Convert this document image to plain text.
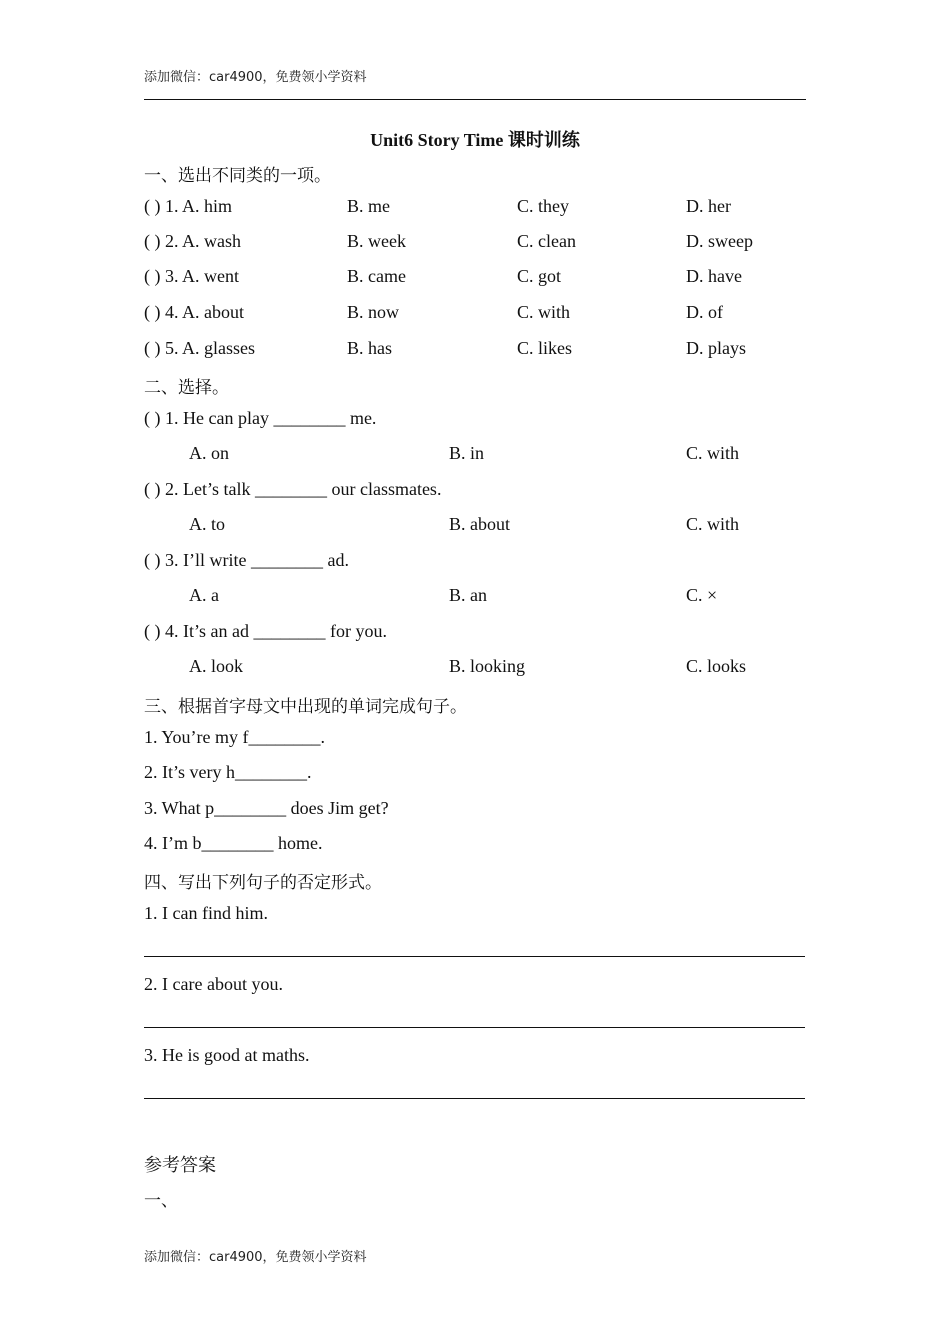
添加微信：car4900，免费领小学资料
Unit6 Story Time 课时训练
一、选出不同类的一项。
( ) 1. A. him	B. me	C. they	D. her
( ) 2. A. wash	B. week	C. clean	D. sweep
( ) 3. A. went	B. came	C. got	D. have
( ) 4. A. about	B. now	C. with	D. of
( ) 5. A. glasses	B. has	C. likes	D. plays
二、选择。
( ) 1. He can play ________ me.
A. on	B. in	C. with
( ) 2. Let’s talk ________ our classmates.
A. to	B. about	C. with
( ) 3. I’ll write ________ ad.
A. a	B. an	C. ×
( ) 4. It’s an ad ________ for you.
A. look	B. looking	C. looks
三、根据首字母文中出现的单词完成句子。
1. You’re my f________.
2. It’s very h________.
3. What p________ does Jim get?
4. I’m b________ home.
四、写出下列句子的否定形式。
1. I can find him.
2. I care about you.
3. He is good at maths.
参考答案
一、
添加微信：car4900，免费领小学资料
